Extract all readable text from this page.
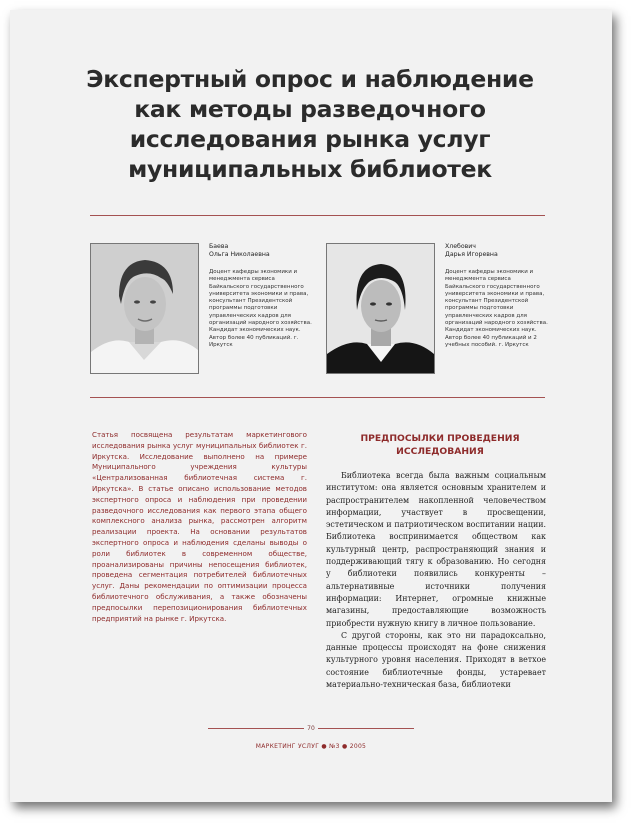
Экспертный опрос и наблюдение
как методы разведочного
исследования рынка услуг
муниципальных библиотек
Баева
Ольга Николаевна
Доцент кафедры экономики и менеджмента сервиса Байкальского государственного университета экономики и права, консультант Президентской программы подготовки управленческих кадров для организаций народного хозяйства. Кандидат экономических наук. Автор более 40 публикаций. г. Иркутск
Хлебович
Дарья Игоревна
Доцент кафедры экономики и менеджмента сервиса Байкальского государственного университета экономики и права, консультант Президентской программы подготовки управленческих кадров для организаций народного хозяйства. Кандидат экономических наук. Автор более 40 публикаций и 2 учебных пособий. г. Иркутск
Статья посвящена результатам маркетингового исследования рынка услуг муниципальных библиотек г. Иркутска. Исследование выполнено на примере Муниципального учреждения культуры «Централизованная библиотечная система г. Иркутска». В статье описано использование методов экспертного опроса и наблюдения при проведении разведочного исследования как первого этапа общего комплексного анализа рынка, рассмотрен алгоритм реализации проекта. На основании результатов экспертного опроса и наблюдения сделаны выводы о роли библиотек в современном обществе, проанализированы причины непосещения библиотек, проведена сегментация потребителей библиотечных услуг. Даны рекомендации по оптимизации процесса библиотечного обслуживания, а также обозначены предпосылки перепозиционирования библиотечных предприятий на рынке г. Иркутска.
ПРЕДПОСЫЛКИ ПРОВЕДЕНИЯ
ИССЛЕДОВАНИЯ

Библиотека всегда была важным социальным институтом: она является основным хранителем и распространителем накопленной человечеством информации, участвует в просвещении, эстетическом и патриотическом воспитании нации. Библиотека воспринимается обществом как культурный центр, распространяющий знания и поддерживающий тягу к образованию. Но сегодня у библиотеки появились конкуренты – альтернативные источники получения информации: Интернет, огромные книжные магазины, предоставляющие возможность приобрести нужную книгу в личное пользование.

С другой стороны, как это ни парадоксально, данные процессы происходят на фоне снижения культурного уровня населения. Приходят в ветхое состояние библиотечные фонды, устаревает материально-техническая база, библиотеки

70
МАРКЕТИНГ УСЛУГ ● №3 ● 2005
